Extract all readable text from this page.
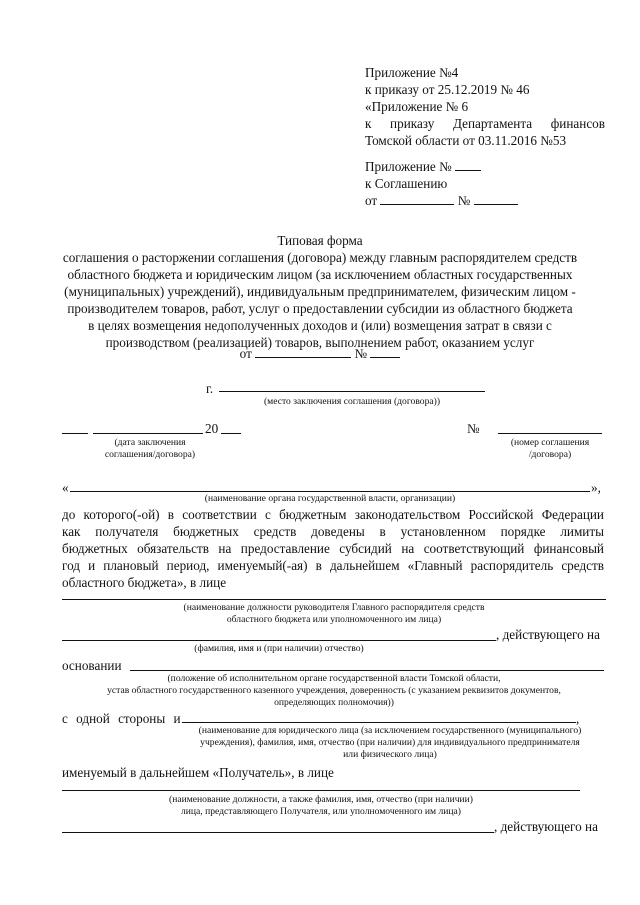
Приложение №4
к приказу от 25.12.2019 № 46
«Приложение № 6
к приказу Департамента финансов
Томской области от 03.11.2016 №53
Приложение №
к Соглашению
от	№
Типовая форма
соглашения о расторжении соглашения (договора) между главным распорядителем средств
областного бюджета и юридическим лицом (за исключением областных государственных
(муниципальных) учреждений), индивидуальным предпринимателем, физическим лицом -
производителем товаров, работ, услуг о предоставлении субсидии из областного бюджета
в целях возмещения недополученных доходов и (или) возмещения затрат в связи с
производством (реализацией) товаров, выполнением работ, оказанием услуг
от	№
г.
(место заключения соглашения (договора))
20
(дата заключения
соглашения/договора)
№
(номер соглашения
/договора)
«	»,
(наименование органа государственной власти, организации)
до которого(-ой) в соответствии с бюджетным законодательством Российской Федерации
как получателя бюджетных средств доведены в установленном порядке лимиты
бюджетных обязательств на предоставление субсидий на соответствующий финансовый
год и плановый период, именуемый(-ая) в дальнейшем «Главный распорядитель средств
областного бюджета», в лице
(наименование должности руководителя Главного распорядителя средств
областного бюджета или уполномоченного им лица)
, действующего на
(фамилия, имя и (при наличии) отчество)
основании
(положение об исполнительном органе государственной власти Томской области,
устав областного государственного казенного учреждения, доверенность (с указанием реквизитов документов,
определяющих полномочия))
с одной стороны и	,
(наименование для юридического лица (за исключением государственного (муниципального)
учреждения), фамилия, имя, отчество (при наличии) для индивидуального предпринимателя
или физического лица)
именуемый в дальнейшем «Получатель», в лице
(наименование должности, а также фамилия, имя, отчество (при наличии)
лица, представляющего Получателя, или уполномоченного им лица)
, действующего на
